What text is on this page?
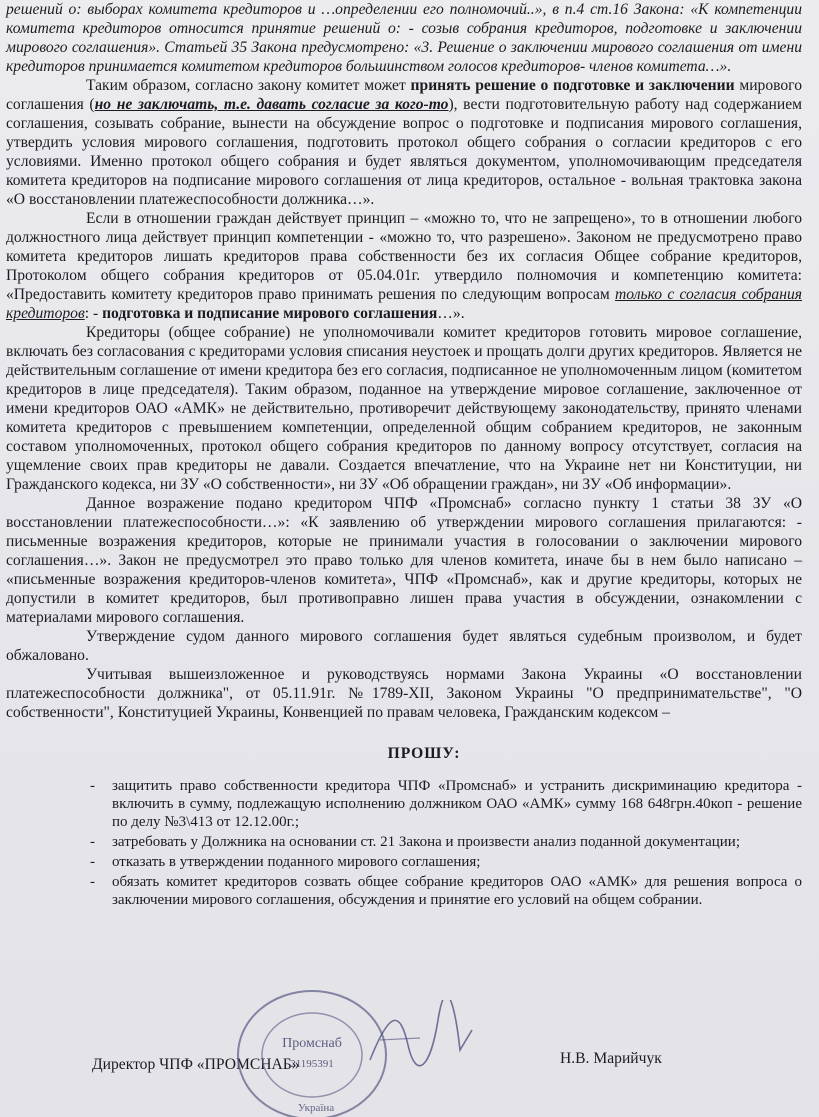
решений о: выборах комитета кредиторов и …определении его полномочий..», в п.4 ст.16 Закона: «К компетенции комитета кредиторов относится принятие решений о: - созыв собрания кредиторов, подготовке и заключении мирового соглашения». Статьей 35 Закона предусмотрено: «3. Решение о заключении мирового соглашения от имени кредиторов принимается комитетом кредиторов большинством голосов кредиторов- членов комитета…».

Таким образом, согласно закону комитет может принять решение о подготовке и заключении мирового соглашения (но не заключать, т.е. давать согласие за кого-то), вести подготовительную работу над содержанием соглашения, созывать собрание, вынести на обсуждение вопрос о подготовке и подписания мирового соглашения, утвердить условия мирового соглашения, подготовить протокол общего собрания о согласии кредиторов с его условиями. Именно протокол общего собрания и будет являться документом, уполномочивающим председателя комитета кредиторов на подписание мирового соглашения от лица кредиторов, остальное - вольная трактовка закона «О восстановлении платежеспособности должника…».

Если в отношении граждан действует принцип – «можно то, что не запрещено», то в отношении любого должностного лица действует принцип компетенции - «можно то, что разрешено». Законом не предусмотрено право комитета кредиторов лишать кредиторов права собственности без их согласия Общее собрание кредиторов, Протоколом общего собрания кредиторов от 05.04.01г. утвердило полномочия и компетенцию комитета: «Предоставить комитету кредиторов право принимать решения по следующим вопросам только с согласия собрания кредиторов: - подготовка и подписание мирового соглашения…».

Кредиторы (общее собрание) не уполномочивали комитет кредиторов готовить мировое соглашение, включать без согласования с кредиторами условия списания неустоек и прощать долги других кредиторов. Является не действительным соглашение от имени кредитора без его согласия, подписанное не уполномоченным лицом (комитетом кредиторов в лице председателя). Таким образом, поданное на утверждение мировое соглашение, заключенное от имени кредиторов ОАО «АМК» не действительно, противоречит действующему законодательству, принято членами комитета кредиторов с превышением компетенции, определенной общим собранием кредиторов, не законным составом уполномоченных, протокол общего собрания кредиторов по данному вопросу отсутствует, согласия на ущемление своих прав кредиторы не давали. Создается впечатление, что на Украине нет ни Конституции, ни Гражданского кодекса, ни ЗУ «О собственности», ни ЗУ «Об обращении граждан», ни ЗУ «Об информации».

Данное возражение подано кредитором ЧПФ «Промснаб» согласно пункту 1 статьи 38 ЗУ «О восстановлении платежеспособности…»: «К заявлению об утверждении мирового соглашения прилагаются: - письменные возражения кредиторов, которые не принимали участия в голосовании о заключении мирового соглашения…». Закон не предусмотрел это право только для членов комитета, иначе бы в нем было написано – «письменные возражения кредиторов-членов комитета», ЧПФ «Промснаб», как и другие кредиторы, которых не допустили в комитет кредиторов, был противоправно лишен права участия в обсуждении, ознакомлении с материалами мирового соглашения.

Утверждение судом данного мирового соглашения будет являться судебным произволом, и будет обжаловано.

Учитывая вышеизложенное и руководствуясь нормами Закона Украины «О восстановлении платежеспособности должника", от 05.11.91г. №1789-XII, Законом Украины "О предпринимательстве", "О собственности", Конституцией Украины, Конвенцией по правам человека, Гражданским кодексом –

ПРОШУ:

- защитить право собственности кредитора ЧПФ «Промснаб» и устранить дискриминацию кредитора - включить в сумму, подлежащую исполнению должником ОАО «АМК» сумму 168 648грн.40коп - решение по делу №3\413 от 12.12.00г.;
- затребовать у Должника на основании ст. 21 Закона и произвести анализ поданной документации;
- отказать в утверждении поданного мирового соглашения;
- обязать комитет кредиторов созвать общее собрание кредиторов ОАО «АМК» для решения вопроса о заключении мирового соглашения, обсуждения и принятие его условий на общем собрании.
Директор ЧПФ «ПРОМСНАБ»	Н.В. Марийчук
Промснаб
21195391
Україна
